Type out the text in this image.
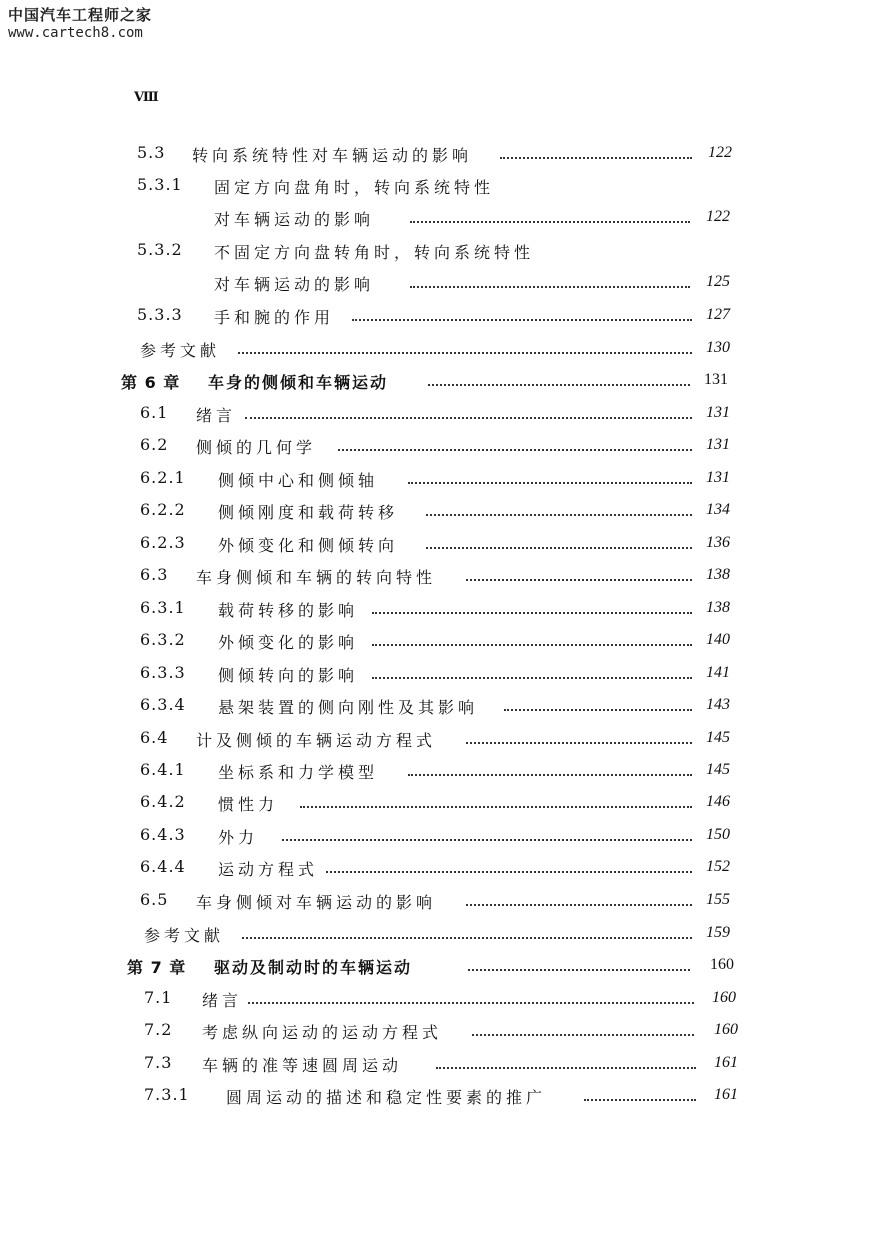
中国汽车工程师之家
www.cartech8.com
Ⅷ
5.3 转向系统特性对车辆运动的影响	122
5.3.1 固定方向盘角时，转向系统特性
对车辆运动的影响	122
5.3.2 不固定方向盘转角时，转向系统特性
对车辆运动的影响	125
5.3.3 手和腕的作用	127
参考文献	130
第 6 章 车身的侧倾和车辆运动	131
6.1 绪言	131
6.2 侧倾的几何学	131
6.2.1 侧倾中心和侧倾轴	131
6.2.2 侧倾刚度和载荷转移	134
6.2.3 外倾变化和侧倾转向	136
6.3 车身侧倾和车辆的转向特性	138
6.3.1 载荷转移的影响	138
6.3.2 外倾变化的影响	140
6.3.3 侧倾转向的影响	141
6.3.4 悬架装置的侧向刚性及其影响	143
6.4 计及侧倾的车辆运动方程式	145
6.4.1 坐标系和力学模型	145
6.4.2 惯性力	146
6.4.3 外力	150
6.4.4 运动方程式	152
6.5 车身侧倾对车辆运动的影响	155
参考文献	159
第 7 章 驱动及制动时的车辆运动	160
7.1 绪言	160
7.2 考虑纵向运动的运动方程式	160
7.3 车辆的准等速圆周运动	161
7.3.1 圆周运动的描述和稳定性要素的推广	161
